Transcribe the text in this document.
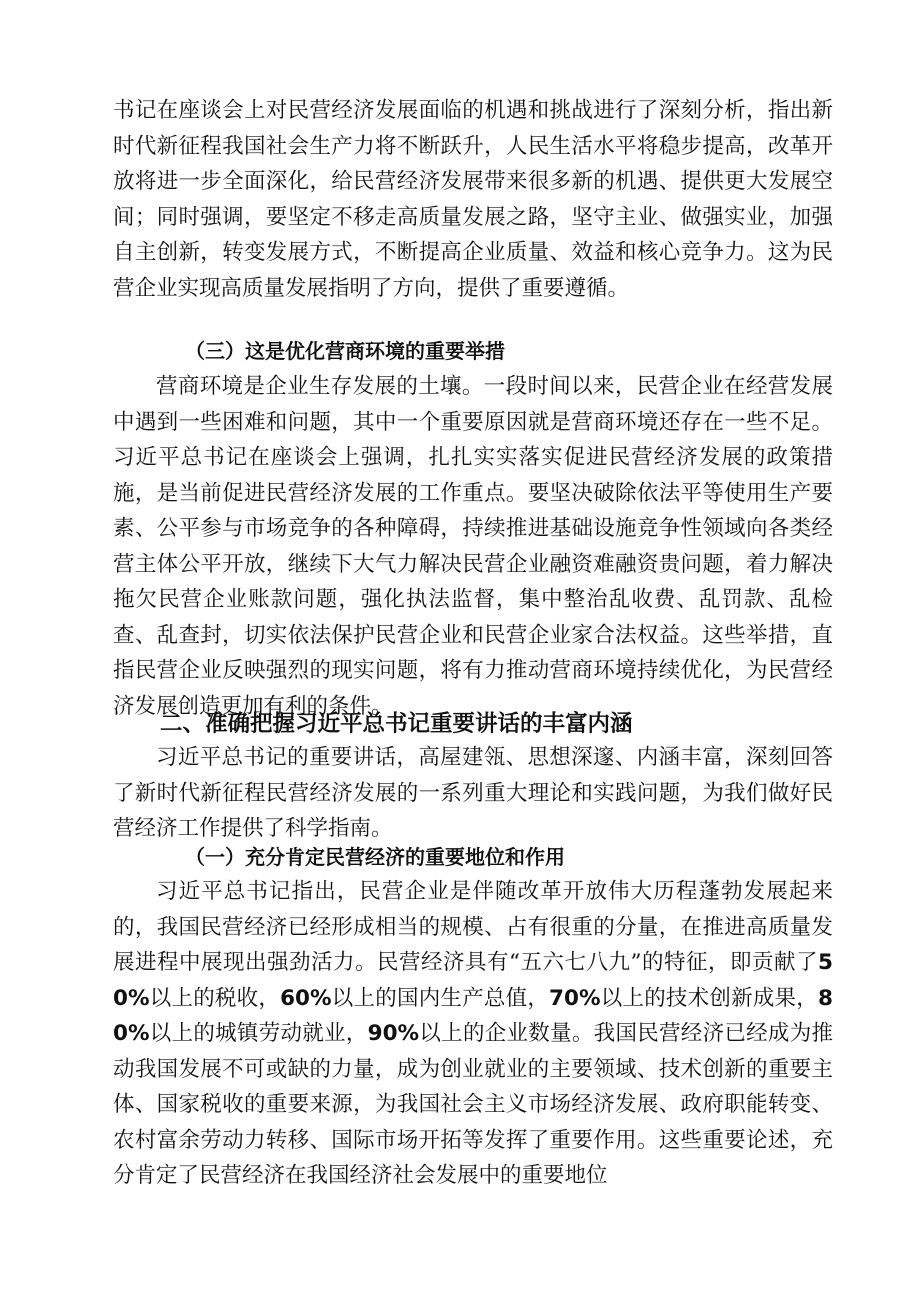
书记在座谈会上对民营经济发展面临的机遇和挑战进行了深刻分析，指出新时代新征程我国社会生产力将不断跃升，人民生活水平将稳步提高，改革开放将进一步全面深化，给民营经济发展带来很多新的机遇、提供更大发展空间；同时强调，要坚定不移走高质量发展之路，坚守主业、做强实业，加强自主创新，转变发展方式，不断提高企业质量、效益和核心竞争力。这为民营企业实现高质量发展指明了方向，提供了重要遵循。

（三）这是优化营商环境的重要举措

营商环境是企业生存发展的土壤。一段时间以来，民营企业在经营发展中遇到一些困难和问题，其中一个重要原因就是营商环境还存在一些不足。习近平总书记在座谈会上强调，扎扎实实落实促进民营经济发展的政策措施，是当前促进民营经济发展的工作重点。要坚决破除依法平等使用生产要素、公平参与市场竞争的各种障碍，持续推进基础设施竞争性领域向各类经营主体公平开放，继续下大气力解决民营企业融资难融资贵问题，着力解决拖欠民营企业账款问题，强化执法监督，集中整治乱收费、乱罚款、乱检查、乱查封，切实依法保护民营企业和民营企业家合法权益。这些举措，直指民营企业反映强烈的现实问题，将有力推动营商环境持续优化，为民营经济发展创造更加有利的条件。

二、准确把握习近平总书记重要讲话的丰富内涵

习近平总书记的重要讲话，高屋建瓴、思想深邃、内涵丰富，深刻回答了新时代新征程民营经济发展的一系列重大理论和实践问题，为我们做好民营经济工作提供了科学指南。

（一）充分肯定民营经济的重要地位和作用

习近平总书记指出，民营企业是伴随改革开放伟大历程蓬勃发展起来的，我国民营经济已经形成相当的规模、占有很重的分量，在推进高质量发展进程中展现出强劲活力。民营经济具有“五六七八九”的特征，即贡献了50%以上的税收，60%以上的国内生产总值，70%以上的技术创新成果，80%以上的城镇劳动就业，90%以上的企业数量。我国民营经济已经成为推动我国发展不可或缺的力量，成为创业就业的主要领域、技术创新的重要主体、国家税收的重要来源，为我国社会主义市场经济发展、政府职能转变、农村富余劳动力转移、国际市场开拓等发挥了重要作用。这些重要论述，充分肯定了民营经济在我国经济社会发展中的重要地位
